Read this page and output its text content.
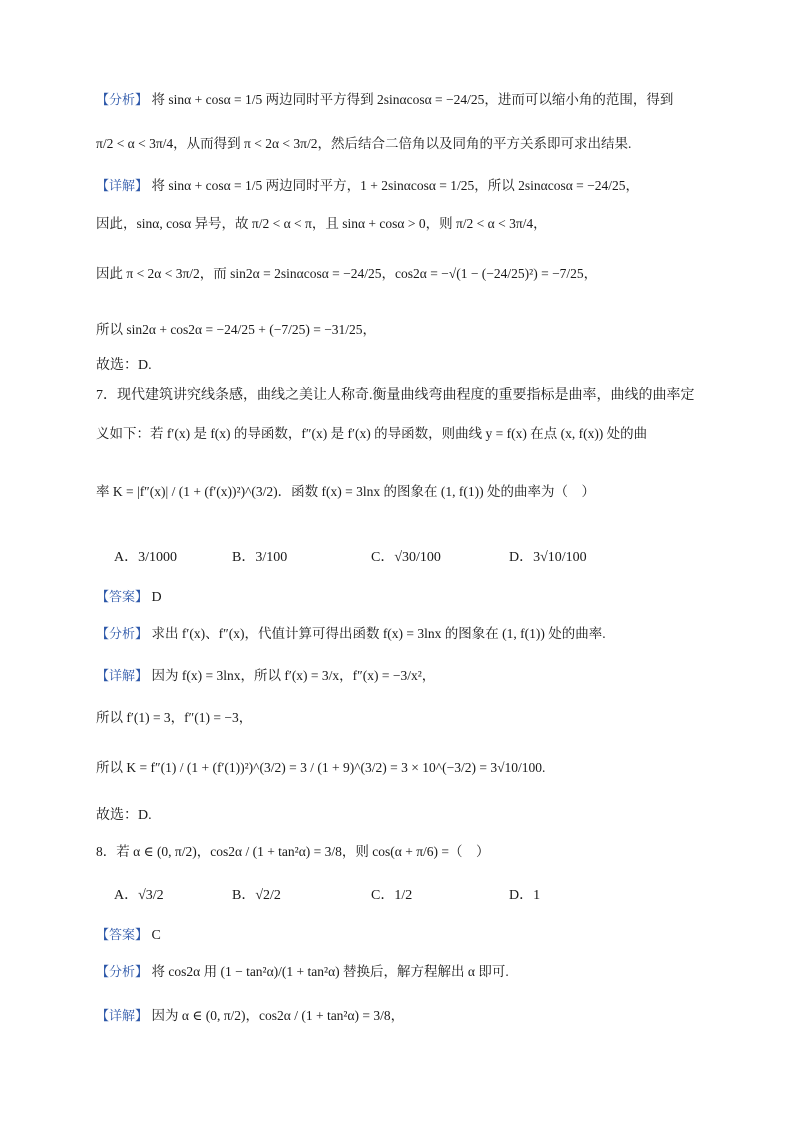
【分析】 将 sinα + cosα = 1/5 两边同时平方得到 2sinαcosα = −24/25，进而可以缩小角的范围，得到
π/2 < α < 3π/4，从而得到 π < 2α < 3π/2，然后结合二倍角以及同角的平方关系即可求出结果.
【详解】 将 sinα + cosα = 1/5 两边同时平方，1 + 2sinαcosα = 1/25，所以 2sinαcosα = −24/25，
因此，sinα, cosα 异号，故 π/2 < α < π，且 sinα + cosα > 0，则 π/2 < α < 3π/4，
因此 π < 2α < 3π/2，而 sin2α = 2sinαcosα = −24/25，cos2α = −√(1 − (−24/25)²) = −7/25，
所以 sin2α + cos2α = −24/25 + (−7/25) = −31/25，
故选：D.
7．现代建筑讲究线条感，曲线之美让人称奇.衡量曲线弯曲程度的重要指标是曲率，曲线的曲率定
义如下：若 f′(x) 是 f(x) 的导函数，f″(x) 是 f′(x) 的导函数，则曲线 y = f(x) 在点 (x, f(x)) 处的曲
率 K = |f″(x)| / (1 + (f′(x))²)^(3/2)．函数 f(x) = 3lnx 的图象在 (1, f(1)) 处的曲率为（　）
A．3/1000	B．3/100	C．√30/100	D．3√10/100
【答案】 D
【分析】 求出 f′(x)、f″(x)，代值计算可得出函数 f(x) = 3lnx 的图象在 (1, f(1)) 处的曲率.
【详解】 因为 f(x) = 3lnx，所以 f′(x) = 3/x，f″(x) = −3/x²，
所以 f′(1) = 3，f″(1) = −3，
所以 K = f″(1) / (1 + (f′(1))²)^(3/2) = 3 / (1 + 9)^(3/2) = 3 × 10^(−3/2) = 3√10/100.
故选：D.
8．若 α ∈ (0, π/2)，cos2α / (1 + tan²α) = 3/8，则 cos(α + π/6) =（　）
A．√3/2	B．√2/2	C．1/2	D．1
【答案】 C
【分析】 将 cos2α 用 (1 − tan²α)/(1 + tan²α) 替换后，解方程解出 α 即可.
【详解】 因为 α ∈ (0, π/2)，cos2α / (1 + tan²α) = 3/8，
